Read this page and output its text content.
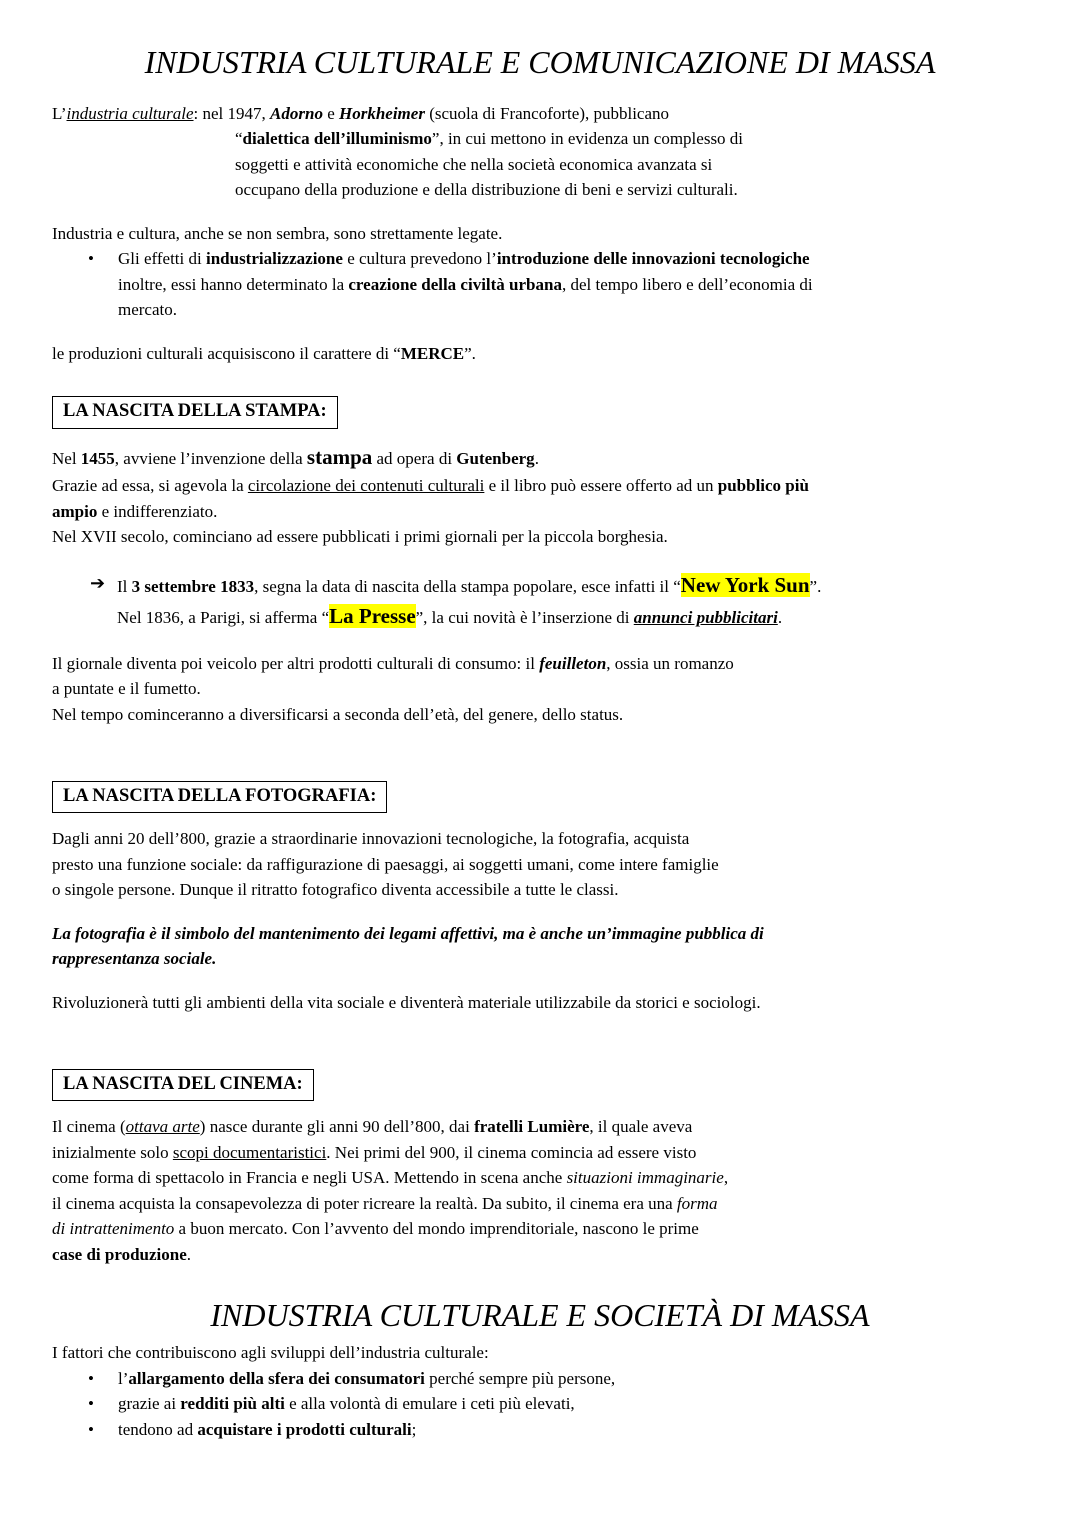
INDUSTRIA CULTURALE E COMUNICAZIONE DI MASSA
L’industria culturale: nel 1947, Adorno e Horkheimer (scuola di Francoforte), pubblicano
“dialettica dell’illuminismo”, in cui mettono in evidenza un complesso di
soggetti e attività economiche che nella società economica avanzata si
occupano della produzione e della distribuzione di beni e servizi culturali.
Industria e cultura, anche se non sembra, sono strettamente legate.
•	Gli effetti di industrializzazione e cultura prevedono l’introduzione delle innovazioni tecnologiche
inoltre, essi hanno determinato la creazione della civiltà urbana, del tempo libero e dell’economia di
mercato.
le produzioni culturali acquisiscono il carattere di “MERCE”.
LA NASCITA DELLA STAMPA:
Nel 1455, avviene l’invenzione della stampa ad opera di Gutenberg.
Grazie ad essa, si agevola la circolazione dei contenuti culturali e il libro può essere offerto ad un pubblico più
ampio e indifferenziato.
Nel XVII secolo, cominciano ad essere pubblicati i primi giornali per la piccola borghesia.
➔ Il 3 settembre 1833, segna la data di nascita della stampa popolare, esce infatti il “New York Sun”.
Nel 1836, a Parigi, si afferma “La Presse”, la cui novità è l’inserzione di annunci pubblicitari.
Il giornale diventa poi veicolo per altri prodotti culturali di consumo: il feuilleton, ossia un romanzo
a puntate e il fumetto.
Nel tempo cominceranno a diversificarsi a seconda dell’età, del genere, dello status.
LA NASCITA DELLA FOTOGRAFIA:
Dagli anni 20 dell’800, grazie a straordinarie innovazioni tecnologiche, la fotografia, acquista
presto una funzione sociale: da raffigurazione di paesaggi, ai soggetti umani, come intere famiglie
o singole persone. Dunque il ritratto fotografico diventa accessibile a tutte le classi.
La fotografia è il simbolo del mantenimento dei legami affettivi, ma è anche un’immagine pubblica di
rappresentanza sociale.
Rivoluzionerà tutti gli ambienti della vita sociale e diventerà materiale utilizzabile da storici e sociologi.
LA NASCITA DEL CINEMA:
Il cinema (ottava arte) nasce durante gli anni 90 dell’800, dai fratelli Lumière, il quale aveva
inizialmente solo scopi documentaristici. Nei primi del 900, il cinema comincia ad essere visto
come forma di spettacolo in Francia e negli USA. Mettendo in scena anche situazioni immaginarie,
il cinema acquista la consapevolezza di poter ricreare la realtà. Da subito, il cinema era una forma
di intrattenimento a buon mercato. Con l’avvento del mondo imprenditoriale, nascono le prime
case di produzione.
INDUSTRIA CULTURALE E SOCIETÀ DI MASSA
I fattori che contribuiscono agli sviluppi dell’industria culturale:
•	l’allargamento della sfera dei consumatori perché sempre più persone,
•	grazie ai redditi più alti e alla volontà di emulare i ceti più elevati,
•	tendono ad acquistare i prodotti culturali;
